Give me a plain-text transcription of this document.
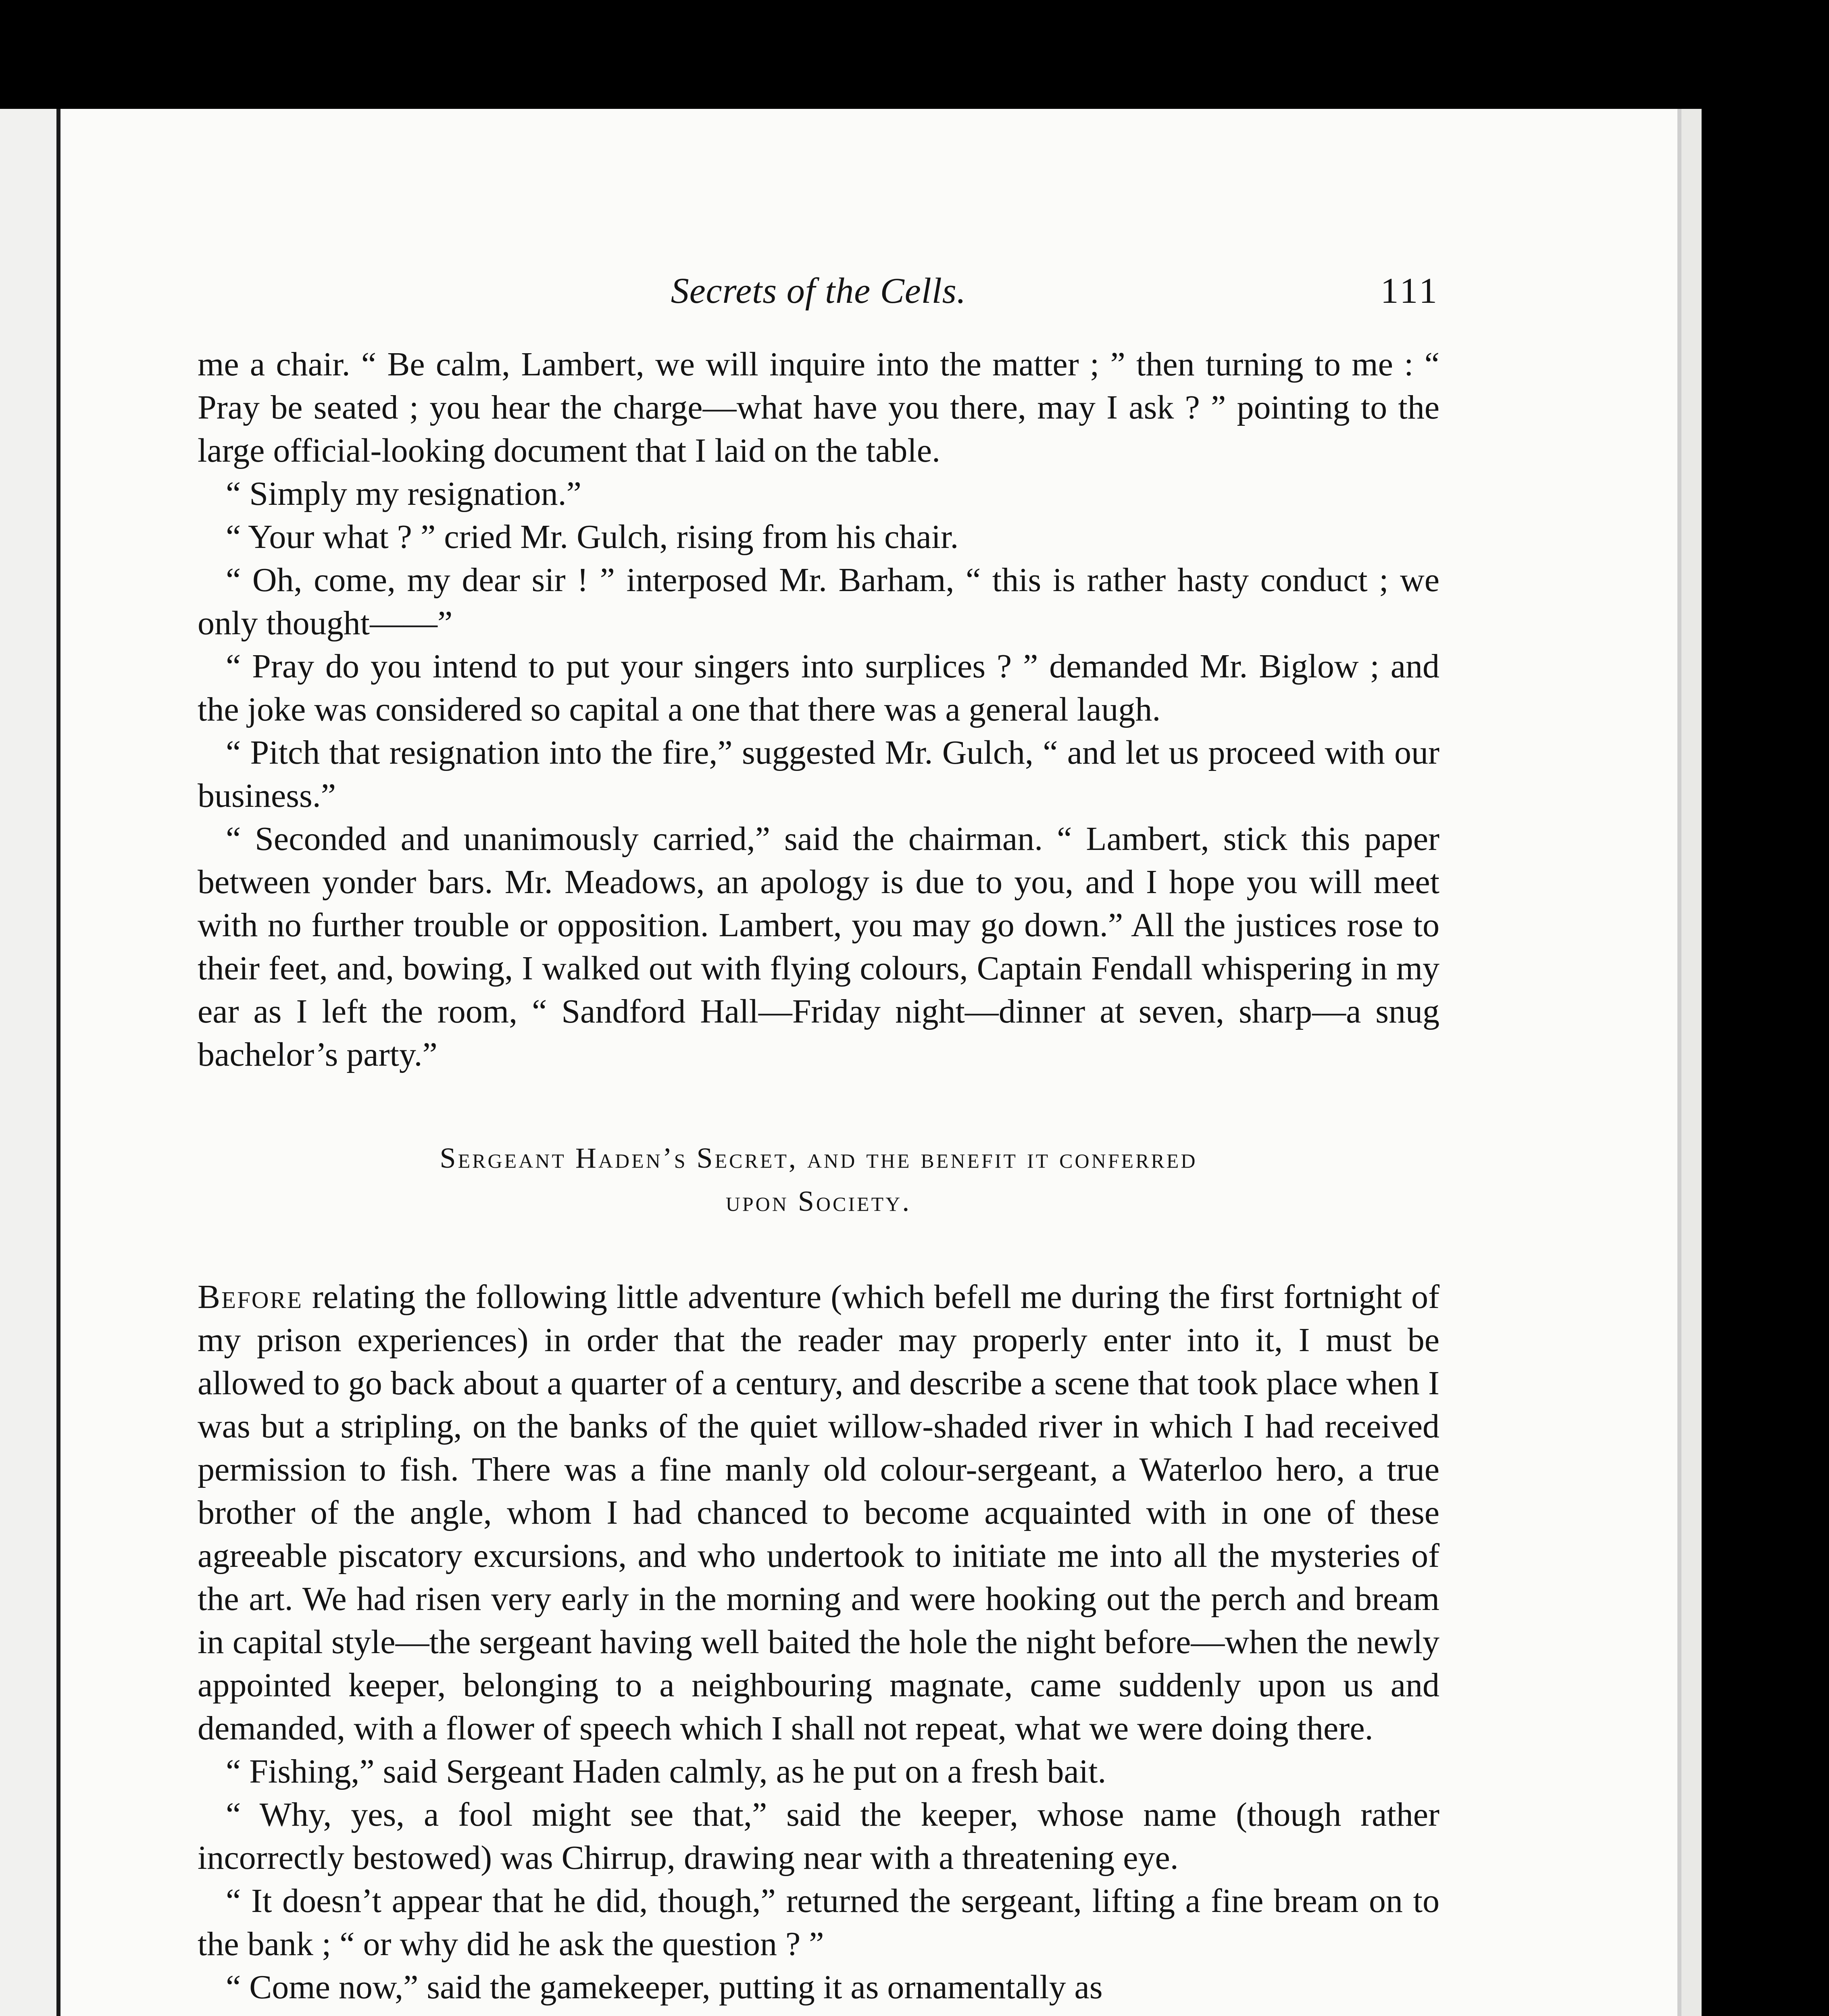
Secrets of the Cells.	111

me a chair. “ Be calm, Lambert, we will inquire into the matter ; ” then turning to me : “ Pray be seated ; you hear the charge—what have you there, may I ask ? ” pointing to the large official-looking document that I laid on the table.

“ Simply my resignation.”

“ Your what ? ” cried Mr. Gulch, rising from his chair.

“ Oh, come, my dear sir ! ” interposed Mr. Barham, “ this is rather hasty conduct ; we only thought——”

“ Pray do you intend to put your singers into surplices ? ” demanded Mr. Biglow ; and the joke was considered so capital a one that there was a general laugh.

“ Pitch that resignation into the fire,” suggested Mr. Gulch, “ and let us proceed with our business.”

“ Seconded and unanimously carried,” said the chairman. “ Lambert, stick this paper between yonder bars. Mr. Meadows, an apology is due to you, and I hope you will meet with no further trouble or opposition. Lambert, you may go down.” All the justices rose to their feet, and, bowing, I walked out with flying colours, Captain Fendall whispering in my ear as I left the room, “ Sandford Hall—Friday night—dinner at seven, sharp—a snug bachelor’s party.”

Sergeant Haden’s Secret, and the benefit it conferred
upon Society.

Before relating the following little adventure (which befell me during the first fortnight of my prison experiences) in order that the reader may properly enter into it, I must be allowed to go back about a quarter of a century, and describe a scene that took place when I was but a stripling, on the banks of the quiet willow-shaded river in which I had received permission to fish. There was a fine manly old colour-sergeant, a Waterloo hero, a true brother of the angle, whom I had chanced to become acquainted with in one of these agreeable piscatory excursions, and who undertook to initiate me into all the mysteries of the art. We had risen very early in the morning and were hooking out the perch and bream in capital style—the sergeant having well baited the hole the night before—when the newly appointed keeper, belonging to a neighbouring magnate, came suddenly upon us and demanded, with a flower of speech which I shall not repeat, what we were doing there.

“ Fishing,” said Sergeant Haden calmly, as he put on a fresh bait.

“ Why, yes, a fool might see that,” said the keeper, whose name (though rather incorrectly bestowed) was Chirrup, drawing near with a threatening eye.

“ It doesn’t appear that he did, though,” returned the sergeant, lifting a fine bream on to the bank ; “ or why did he ask the question ? ”

“ Come now,” said the gamekeeper, putting it as ornamentally as
